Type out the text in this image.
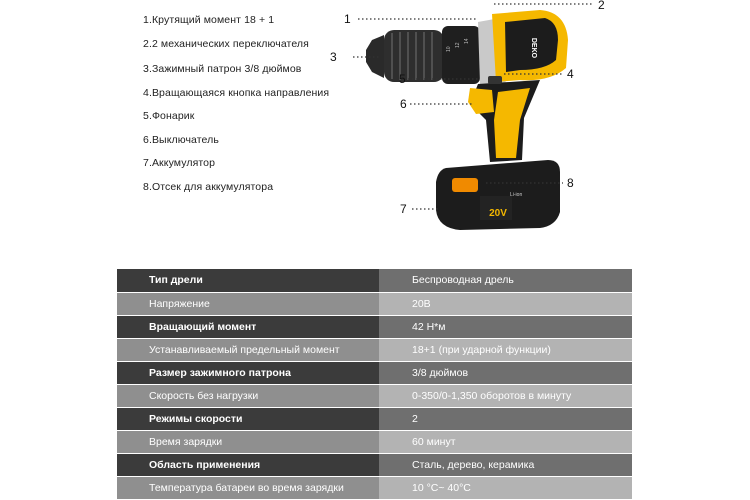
1.Крутящий момент 18 + 1
2.2 механических переключателя
3.Зажимный патрон 3/8 дюймов
4.Вращающаяся кнопка направления
5.Фонарик
6.Выключатель
7.Аккумулятор
8.Отсек для аккумулятора
DEKO
14
12
10
20V
Li-ion
1
2
3
4
5
6
7
8
Тип дрели	Беспроводная дрель
Напряжение	20В
Вращающий момент	42 Н*м
Устанавливаемый предельный момент	18+1 (при ударной функции)
Размер зажимного патрона	3/8 дюймов
Скорость без нагрузки	0-350/0-1,350 оборотов в минуту
Режимы скорости	2
Время зарядки	60 минут
Область применения	Сталь, дерево, керамика
Температура батареи во время зарядки	10 °C~ 40°C
